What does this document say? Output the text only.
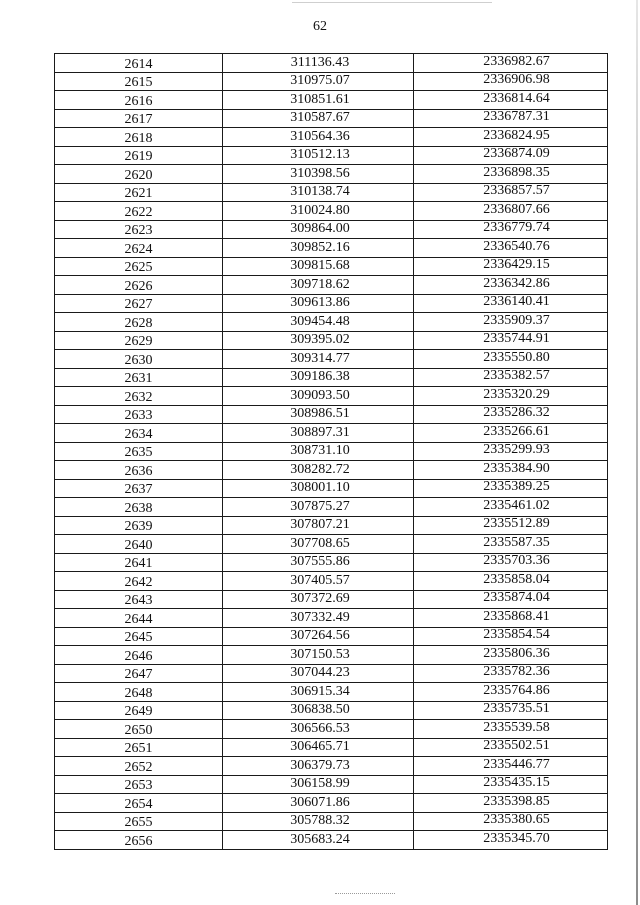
62
2614	311136.43	2336982.67
2615	310975.07	2336906.98
2616	310851.61	2336814.64
2617	310587.67	2336787.31
2618	310564.36	2336824.95
2619	310512.13	2336874.09
2620	310398.56	2336898.35
2621	310138.74	2336857.57
2622	310024.80	2336807.66
2623	309864.00	2336779.74
2624	309852.16	2336540.76
2625	309815.68	2336429.15
2626	309718.62	2336342.86
2627	309613.86	2336140.41
2628	309454.48	2335909.37
2629	309395.02	2335744.91
2630	309314.77	2335550.80
2631	309186.38	2335382.57
2632	309093.50	2335320.29
2633	308986.51	2335286.32
2634	308897.31	2335266.61
2635	308731.10	2335299.93
2636	308282.72	2335384.90
2637	308001.10	2335389.25
2638	307875.27	2335461.02
2639	307807.21	2335512.89
2640	307708.65	2335587.35
2641	307555.86	2335703.36
2642	307405.57	2335858.04
2643	307372.69	2335874.04
2644	307332.49	2335868.41
2645	307264.56	2335854.54
2646	307150.53	2335806.36
2647	307044.23	2335782.36
2648	306915.34	2335764.86
2649	306838.50	2335735.51
2650	306566.53	2335539.58
2651	306465.71	2335502.51
2652	306379.73	2335446.77
2653	306158.99	2335435.15
2654	306071.86	2335398.85
2655	305788.32	2335380.65
2656	305683.24	2335345.70
